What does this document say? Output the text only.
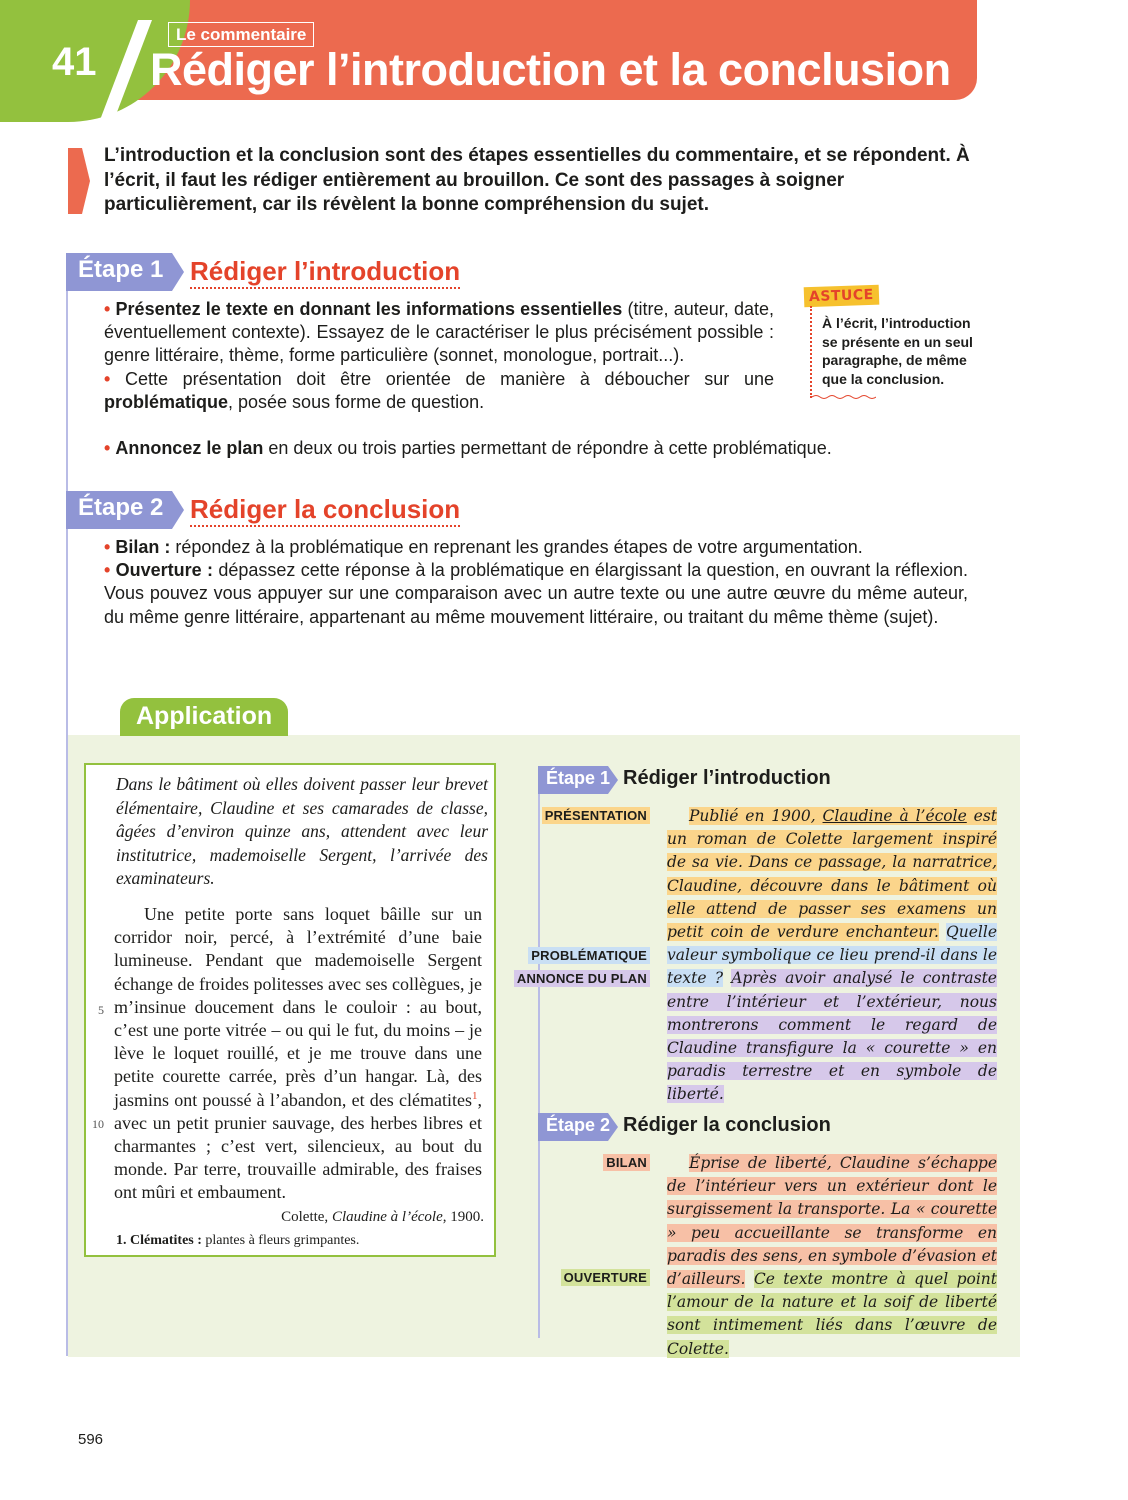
41
Le commentaire
Rédiger l’introduction et la conclusion

L’introduction et la conclusion sont des étapes essentielles du commentaire, et se répondent. À l’écrit, il faut les rédiger entièrement au brouillon. Ce sont des passages à soigner particulièrement, car ils révèlent la bonne compréhension du sujet.

Étape 1 Rédiger l’introduction

• Présentez le texte en donnant les informations essentielles (titre, auteur, date, éventuellement contexte). Essayez de le caractériser le plus précisément possible : genre littéraire, thème, forme particulière (sonnet, monologue, portrait...).

• Cette présentation doit être orientée de manière à déboucher sur une problématique, posée sous forme de question.

• Annoncez le plan en deux ou trois parties permettant de répondre à cette problématique.

ASTUCE

À l’écrit, l’introduction se présente en un seul paragraphe, de même que la conclusion.

Étape 2 Rédiger la conclusion

• Bilan : répondez à la problématique en reprenant les grandes étapes de votre argumentation.

• Ouverture : dépassez cette réponse à la problématique en élargissant la question, en ouvrant la réflexion. Vous pouvez vous appuyer sur une comparaison avec un autre texte ou une autre œuvre du même auteur, du même genre littéraire, appartenant au même mouvement littéraire, ou traitant du même thème (sujet).

Application

Dans le bâtiment où elles doivent passer leur brevet élémentaire, Claudine et ses camarades de classe, âgées d’environ quinze ans, attendent avec leur institutrice, mademoiselle Sergent, l’arrivée des examinateurs.

Une petite porte sans loquet bâille sur un corridor noir, percé, à l’extrémité d’une baie lumineuse. Pendant que mademoiselle Sergent échange de froides politesses avec ses collègues, je m’insinue doucement dans le couloir : au bout, c’est une porte vitrée – ou qui le fut, du moins – je lève le loquet rouillé, et je me trouve dans une petite courette carrée, près d’un hangar. Là, des jasmins ont poussé à l’abandon, et des clématites$^1$, avec un petit prunier sauvage, des herbes libres et charmantes ; c’est vert, silencieux, au bout du monde. Par terre, trouvaille admirable, des fraises ont mûri et embaument.

5
10
Colette, Claudine à l’école, 1900.
1. Clématites : plantes à fleurs grimpantes.
Étape 1 Rédiger l’introduction
PRÉSENTATION
PROBLÉMATIQUE
ANNONCE DU PLAN

Publié en 1900, Claudine à l’école est un roman de Colette largement inspiré de sa vie. Dans ce passage, la narratrice, Claudine, découvre dans le bâtiment où elle attend de passer ses examens un petit coin de verdure enchanteur. Quelle valeur symbolique ce lieu prend-il dans le texte ? Après avoir analysé le contraste entre l’intérieur et l’extérieur, nous montrerons comment le regard de Claudine transfigure la « courette » en paradis terrestre et en symbole de liberté.

Étape 2 Rédiger la conclusion
BILAN
OUVERTURE

Éprise de liberté, Claudine s’échappe de l’intérieur vers un extérieur dont le surgissement la transporte. La « courette » peu accueillante se transforme en paradis des sens, en symbole d’évasion et d’ailleurs. Ce texte montre à quel point l’amour de la nature et la soif de liberté sont intimement liés dans l’œuvre de Colette.

596
